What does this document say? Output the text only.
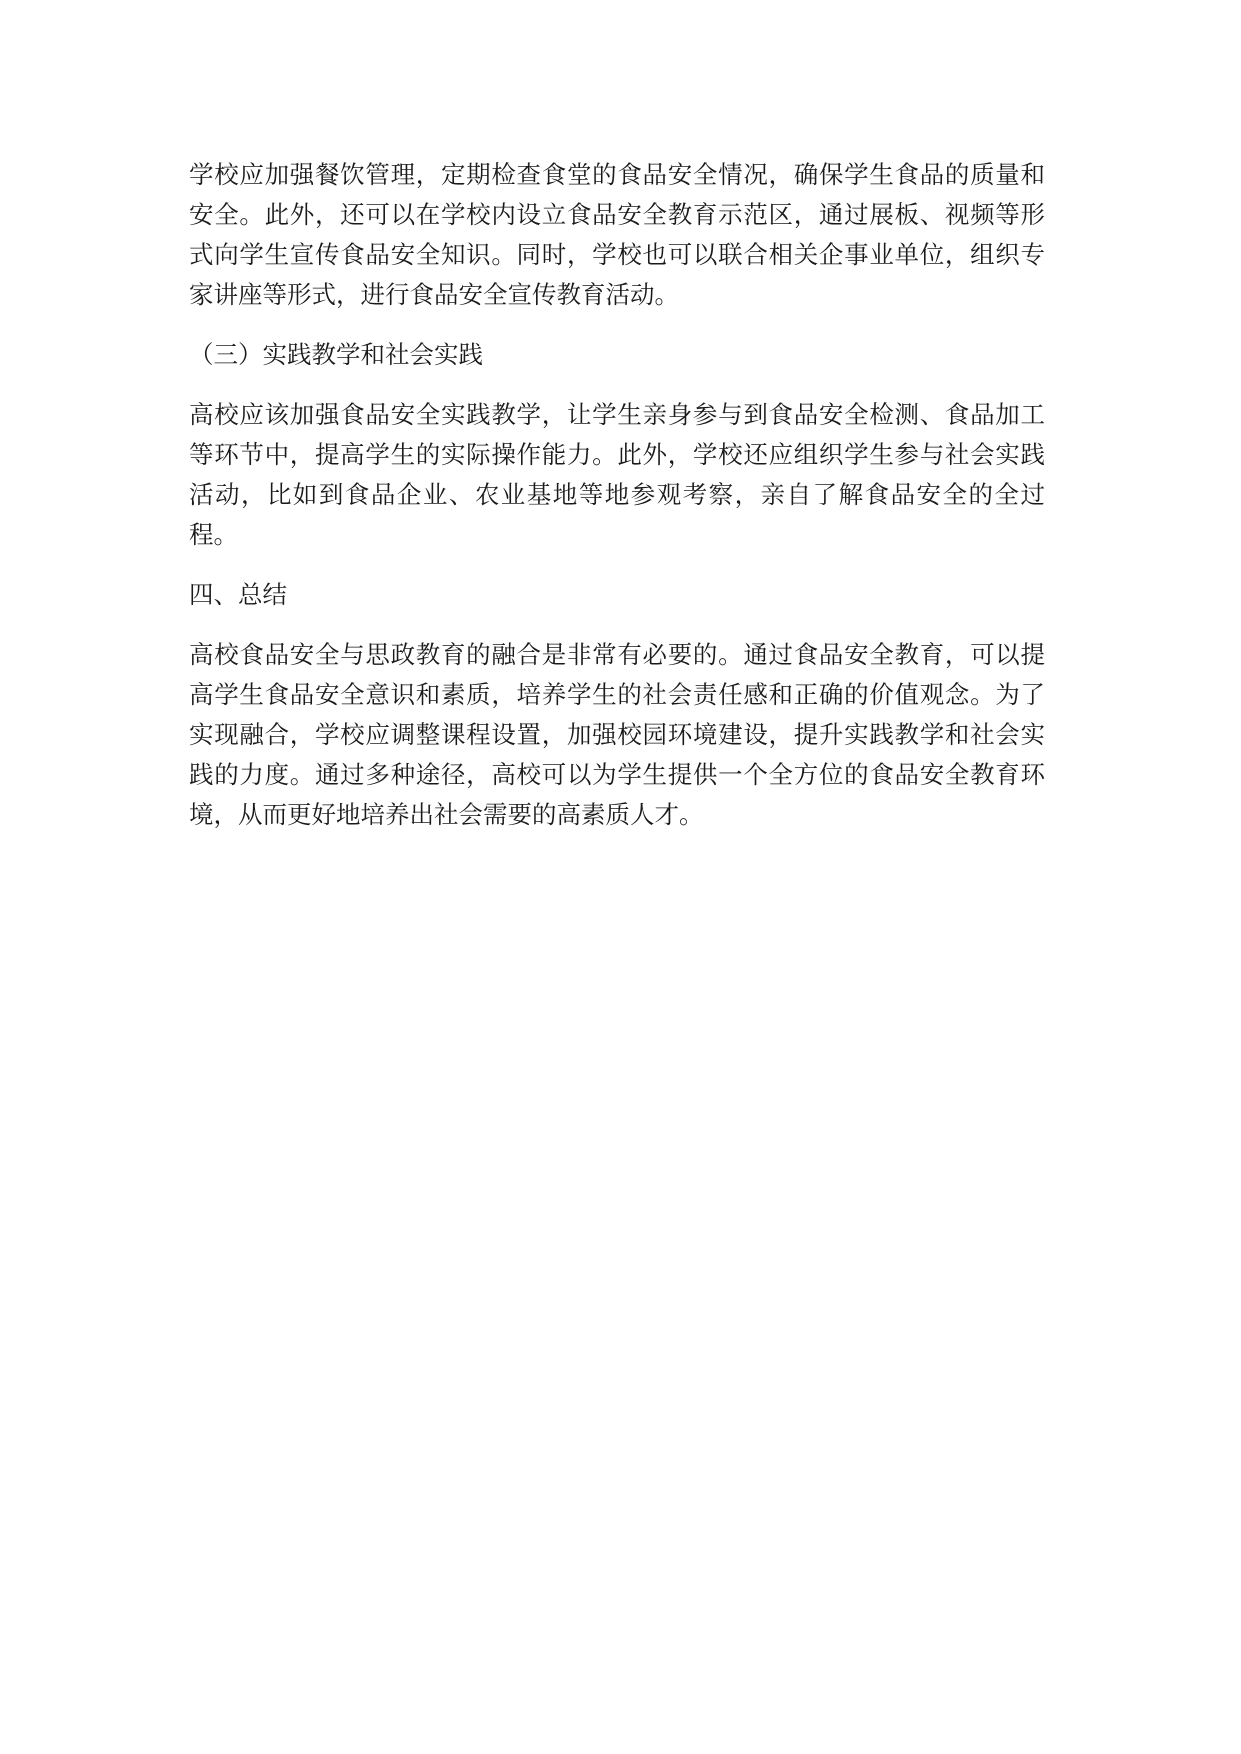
学校应加强餐饮管理，定期检查食堂的食品安全情况，确保学生食品的质量和安全。此外，还可以在学校内设立食品安全教育示范区，通过展板、视频等形式向学生宣传食品安全知识。同时，学校也可以联合相关企事业单位，组织专家讲座等形式，进行食品安全宣传教育活动。

（三）实践教学和社会实践

高校应该加强食品安全实践教学，让学生亲身参与到食品安全检测、食品加工等环节中，提高学生的实际操作能力。此外，学校还应组织学生参与社会实践活动，比如到食品企业、农业基地等地参观考察，亲自了解食品安全的全过程。

四、总结

高校食品安全与思政教育的融合是非常有必要的。通过食品安全教育，可以提高学生食品安全意识和素质，培养学生的社会责任感和正确的价值观念。为了实现融合，学校应调整课程设置，加强校园环境建设，提升实践教学和社会实践的力度。通过多种途径，高校可以为学生提供一个全方位的食品安全教育环境，从而更好地培养出社会需要的高素质人才。
